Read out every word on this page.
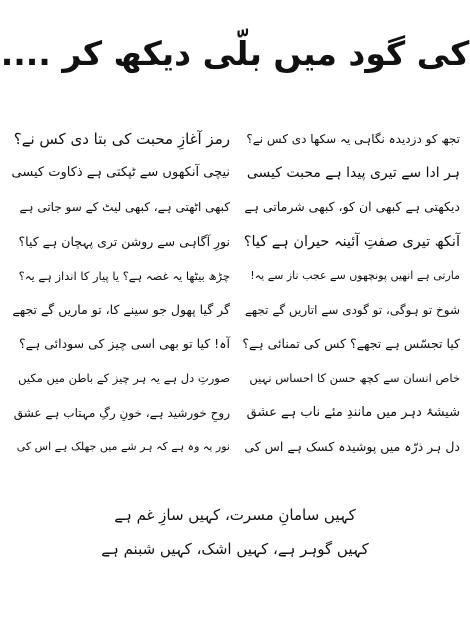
کی گود میں بلّی دیکھ کر ....
تجھ کو دزدیدہ نگاہی یہ سکھا دی کس نے؟
ہر ادا سے تیری پیدا ہے محبت کیسی
دیکھتی ہے کبھی ان کو، کبھی شرماتی ہے
آنکھ تیری صفتِ آئینہ حیران ہے کیا؟
مارتی ہے انھیں پونچھوں سے عجب ناز سے یہ!
شوخ تو ہوگی، تو گودی سے اتاریں گے تجھے
کیا تجسّس ہے تجھے؟ کس کی تمنائی ہے؟
خاص انسان سے کچھ حسن کا احساس نہیں
شیشۂ دہر میں مانندِ مئے ناب ہے عشق
دل ہر ذرّہ میں پوشیدہ کسک ہے اس کی
رمز آغازِ محبت کی بتا دی کس نے؟
نیچی آنکھوں سے ٹپکتی ہے ذکاوت کیسی
کبھی اٹھتی ہے، کبھی لیٹ کے سو جاتی ہے
نورِ آگاہی سے روشن تری پہچان ہے کیا؟
چڑھ بیٹھا یہ غصہ ہے؟ یا پیار کا انداز ہے یہ؟
گر گیا پھول جو سینے کا، تو ماریں گے تجھے
آہ! کیا تو بھی اسی چیز کی سودائی ہے؟
صورتِ دل ہے یہ ہر چیز کے باطن میں مکیں
روحِ خورشید ہے، خونِ رگِ مہتاب ہے عشق
نور یہ وہ ہے کہ ہر شے میں جھلک ہے اس کی
کہیں سامانِ مسرت، کہیں سازِ غم ہے
کہیں گوہر ہے، کہیں اشک، کہیں شبنم ہے
